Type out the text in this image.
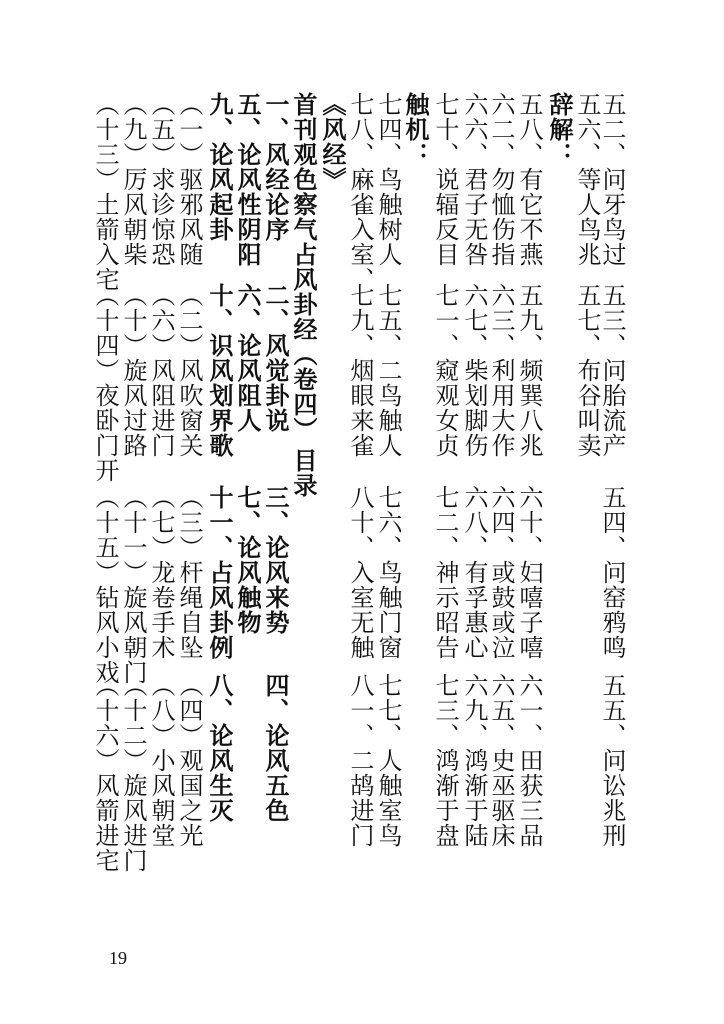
五二、问牙鸟过
五三、问胎流产
五四、问窑鸦鸣
五五、问讼兆刑
五六、等人鸟兆
五七、布谷叫卖
辞解：
五八、有它不燕
五九、频巽八兆
六十、妇嘻子嘻
六一、田获三品
六二、勿恤伤指
六三、利用大作
六四、或鼓或泣
六五、史巫驱床
六六、君子无咎
六七、柴划脚伤
六八、有孚惠心
六九、鸿渐于陆
七十、说辐反目
七一、窥观女贞
七二、神示昭告
七三、鸿渐于盘
触机：
七四、鸟触树人
七五、二鸟触人
七六、鸟触门窗
七七、人触室鸟
七八、麻雀入室、
七九、烟眼来雀
八十、入室无触
八一、二鸪进门
《风经》
首刊观色察气占风卦经（卷四）
目录
一、风经论序
二、风觉卦说
三、论风来势
四、论风五色
五、论风性阴阳
六、论风阻人
七、论风触物
九、论风起卦
十、识风划界歌
十一、占风卦例
八、论风生灭
（一）驱邪风随
（二）风吹窗关
（三）杆绳自坠
（四）观国之光
（五）求诊惊恐
（六）风阻进门
（七）龙卷手术
（八）小风朝堂
（九）厉风朝柴
（十）旋风过路
（十一）旋风朝门
（十二）旋风进门
（十三）土箭入宅
（十四）夜卧门开
（十五）钻风小戏
（十六）风箭进宅
19
